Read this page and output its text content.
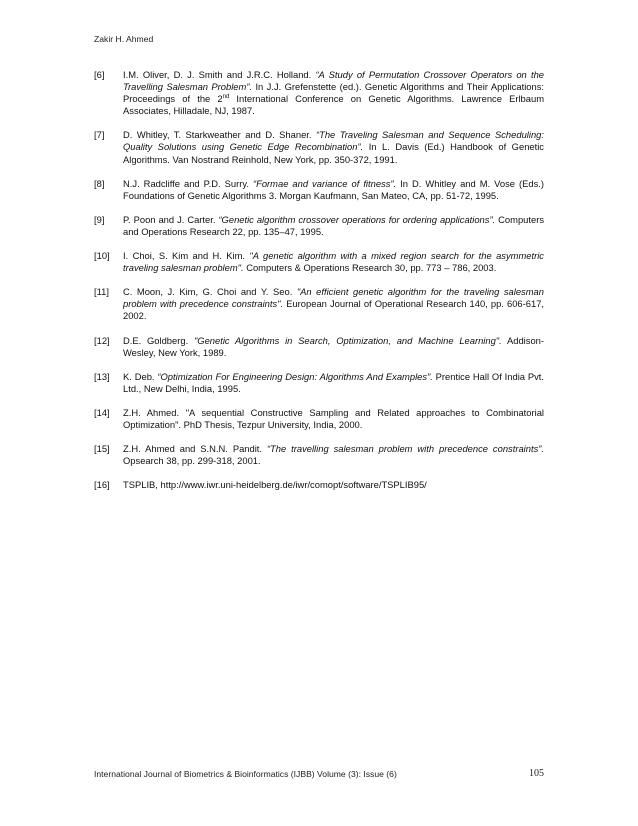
Zakir H. Ahmed
[6] I.M. Oliver, D. J. Smith and J.R.C. Holland. “A Study of Permutation Crossover Operators on the Travelling Salesman Problem”. In J.J. Grefenstette (ed.). Genetic Algorithms and Their Applications: Proceedings of the 2nd International Conference on Genetic Algorithms. Lawrence Erlbaum Associates, Hilladale, NJ, 1987.
[7] D. Whitley, T. Starkweather and D. Shaner. “The Traveling Salesman and Sequence Scheduling: Quality Solutions using Genetic Edge Recombination”. In L. Davis (Ed.) Handbook of Genetic Algorithms. Van Nostrand Reinhold, New York, pp. 350-372, 1991.
[8] N.J. Radcliffe and P.D. Surry. “Formae and variance of fitness”. In D. Whitley and M. Vose (Eds.) Foundations of Genetic Algorithms 3. Morgan Kaufmann, San Mateo, CA, pp. 51-72, 1995.
[9] P. Poon and J. Carter. “Genetic algorithm crossover operations for ordering applications”. Computers and Operations Research 22, pp. 135–47, 1995.
[10] I. Choi, S. Kim and H. Kim. "A genetic algorithm with a mixed region search for the asymmetric traveling salesman problem". Computers & Operations Research 30, pp. 773 – 786, 2003.
[11] C. Moon, J. Kim, G. Choi and Y. Seo. "An efficient genetic algorithm for the traveling salesman problem with precedence constraints". European Journal of Operational Research 140, pp. 606-617, 2002.
[12] D.E. Goldberg. "Genetic Algorithms in Search, Optimization, and Machine Learning". Addison-Wesley, New York, 1989.
[13] K. Deb. “Optimization For Engineering Design: Algorithms And Examples”. Prentice Hall Of India Pvt. Ltd., New Delhi, India, 1995.
[14] Z.H. Ahmed. "A sequential Constructive Sampling and Related approaches to Combinatorial Optimization". PhD Thesis, Tezpur University, India, 2000.
[15] Z.H. Ahmed and S.N.N. Pandit. “The travelling salesman problem with precedence constraints”. Opsearch 38, pp. 299-318, 2001.
[16] TSPLIB, http://www.iwr.uni-heidelberg.de/iwr/comopt/software/TSPLIB95/
International Journal of Biometrics & Bioinformatics (IJBB) Volume (3): Issue (6)	105
